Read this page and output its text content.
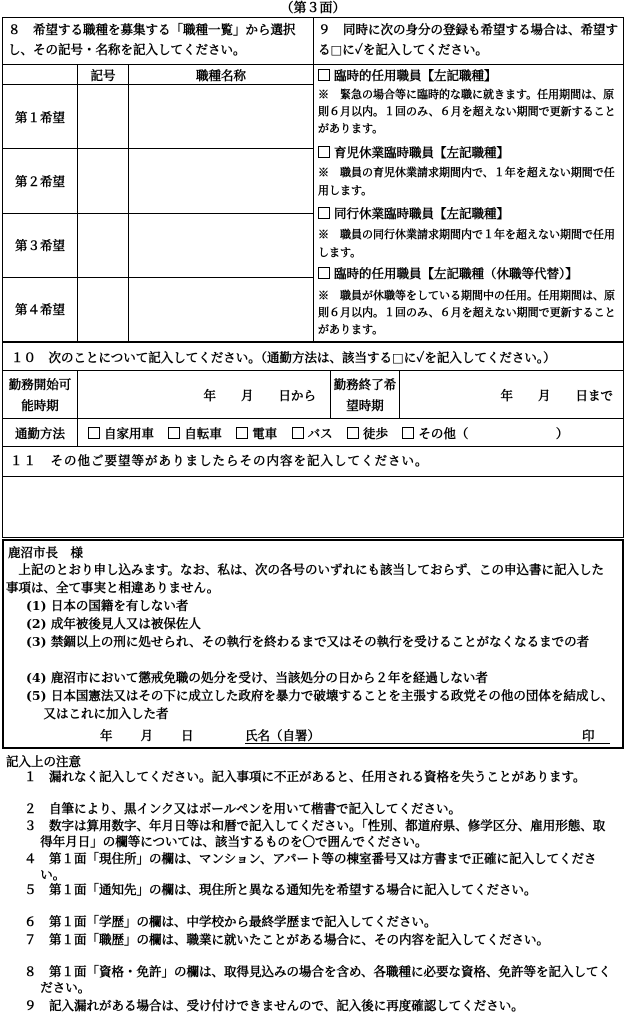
（第３面）
８　希望する職種を募集する「職種一覧」から選択し、その記号・名称を記入してください。
９　同時に次の身分の登録も希望する場合は、希望する□に✓を記入してください。
	記号	職種名称
第１希望		
第２希望		
第３希望		
第４希望		
臨時的任用職員【左記職種】
※　緊急の場合等に臨時的な職に就きます。任用期間は、原則６月以内。１回のみ、６月を超えない期間で更新することがあります。
育児休業臨時職員【左記職種】
※　職員の育児休業請求期間内で、１年を超えない期間で任用します。
同行休業臨時職員【左記職種】
※　職員の同行休業請求期間内で１年を超えない期間で任用します。
臨時的任用職員【左記職種（休職等代替）】
※　職員が休職等をしている期間中の任用。任用期間は、原則６月以内。１回のみ、６月を超えない期間で更新することがあります。
１０　次のことについて記入してください。（通勤方法は、該当する□に✓を記入してください。）			
勤務開始可能時期	年　　月　　日から	勤務終了希望時期	年　　月　　日まで
通勤方法	自家用車 自転車 電車 バス 徒歩 その他（　　　　　　　）		
１１　その他ご要望等がありましたらその内容を記入してください。
鹿沼市長　様
上記のとおり申し込みます。なお、私は、次の各号のいずれにも該当しておらず、この申込書に記入した事項は、全て事実と相違ありません。
(1) 日本の国籍を有しない者
(2) 成年被後見人又は被保佐人
(3) 禁錮以上の刑に処せられ、その執行を終わるまで又はその執行を受けることがなくなるまでの者
(4) 鹿沼市において懲戒免職の処分を受け、当該処分の日から２年を経過しない者
(5) 日本国憲法又はその下に成立した政府を暴力で破壊することを主張する政党その他の団体を結成し、又はこれに加入した者
年　　月　　日	氏名（自署）	印
記入上の注意
１　漏れなく記入してください。記入事項に不正があると、任用される資格を失うことがあります。
２　自筆により、黒インク又はボールペンを用いて楷書で記入してください。
３　数字は算用数字、年月日等は和暦で記入してください。「性別、都道府県、修学区分、雇用形態、取得年月日」の欄等については、該当するものを〇で囲んでください。
４　第１面「現住所」の欄は、マンション、アパート等の棟室番号又は方書まで正確に記入してください。
５　第１面「通知先」の欄は、現住所と異なる通知先を希望する場合に記入してください。
６　第１面「学歴」の欄は、中学校から最終学歴まで記入してください。
７　第１面「職歴」の欄は、職業に就いたことがある場合に、その内容を記入してください。
８　第１面「資格・免許」の欄は、取得見込みの場合を含め、各職種に必要な資格、免許等を記入してください。
９　記入漏れがある場合は、受け付けできませんので、記入後に再度確認してください。
